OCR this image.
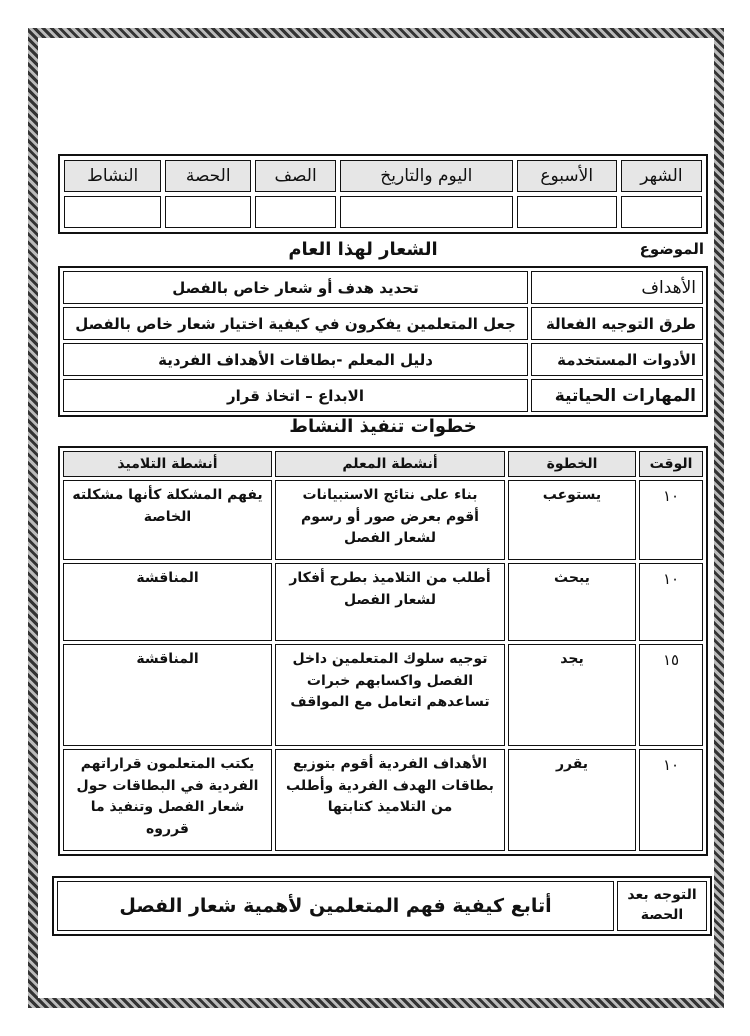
الشهر	الأسبوع	اليوم والتاريخ	الصف	الحصة	النشاط

الموضوع
الشعار لهذا العام
الأهداف	تحديد هدف أو شعار خاص بالفصل
طرق التوجيه الفعالة	جعل المتعلمين يفكرون في كيفية اختيار شعار خاص بالفصل
الأدوات المستخدمة	دليل المعلم -بطاقات الأهداف الفردية
المهارات الحياتية	الابداع – اتخاذ قرار
خطوات تنفيذ النشاط
الوقت	الخطوة	أنشطة المعلم	أنشطة التلاميذ
١٠	يستوعب	بناء على نتائج الاستبيانات أقوم بعرض صور أو رسوم لشعار الفصل	يفهم المشكلة كأنها مشكلته الخاصة
١٠	يبحث	أطلب من التلاميذ بطرح أفكار لشعار الفصل	المناقشة
١٥	يجد	توجيه سلوك المتعلمين داخل الفصل واكسابهم خبرات تساعدهم اتعامل مع المواقف	المناقشة
١٠	يقرر	الأهداف الفردية أقوم بتوزيع بطاقات الهدف الفردية وأطلب من التلاميذ كتابتها	يكتب المتعلمون قراراتهم الفردية في البطاقات حول شعار الفصل وتنفيذ ما قرروه
التوجه بعد الحصة	أتابع كيفية فهم المتعلمين لأهمية شعار الفصل
